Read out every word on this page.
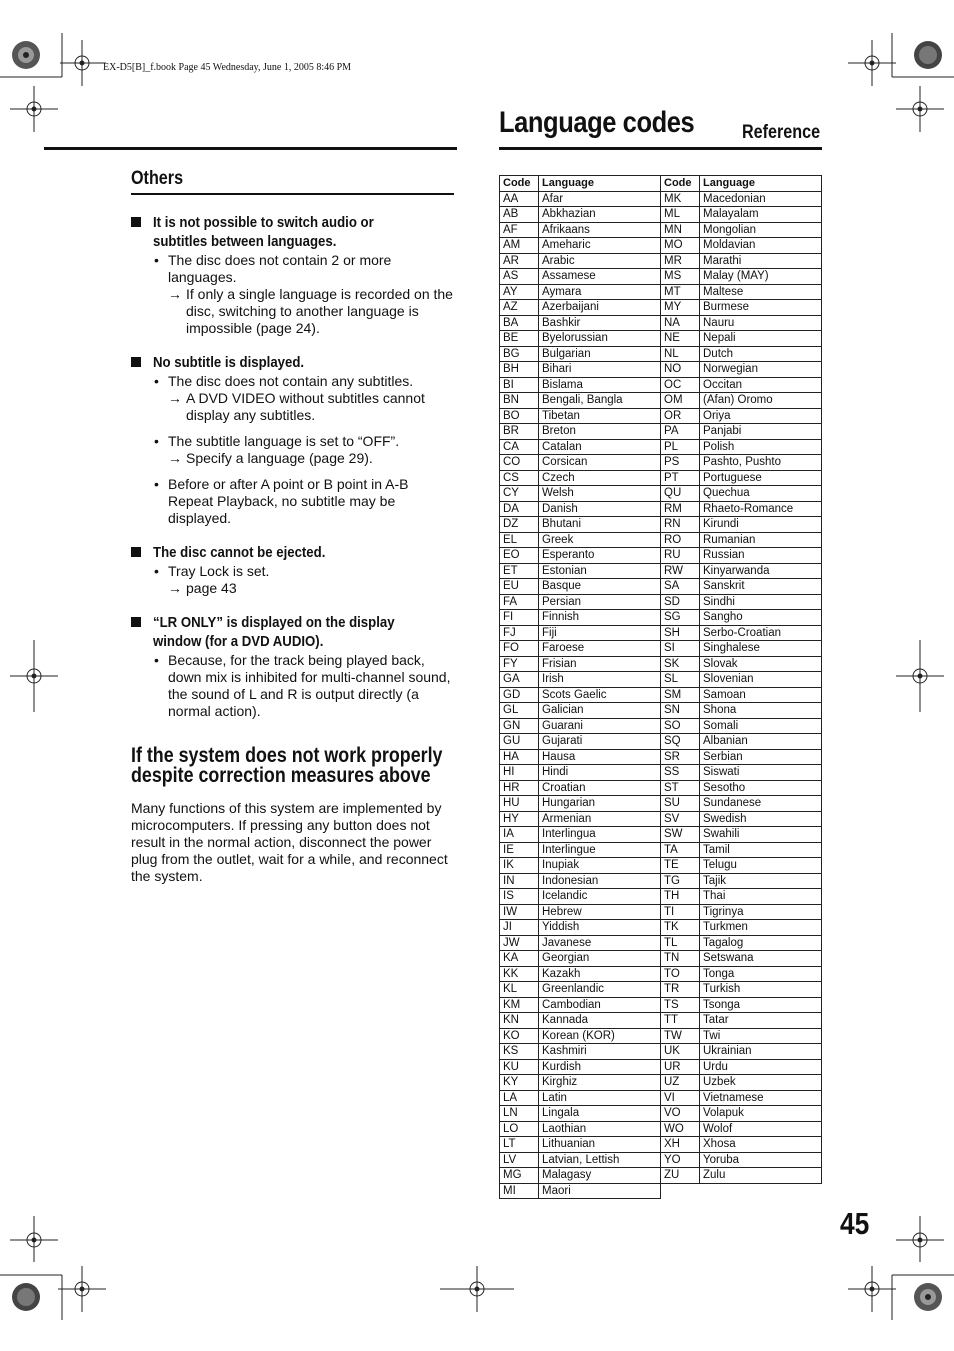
EX-D5[B]_f.book Page 45 Wednesday, June 1, 2005 8:46 PM
Language codes	Reference
Others
It is not possible to switch audio or subtitles between languages.
• The disc does not contain 2 or more languages.
→ If only a single language is recorded on the disc, switching to another language is impossible (page 24).
No subtitle is displayed.
• The disc does not contain any subtitles.
→ A DVD VIDEO without subtitles cannot display any subtitles.
• The subtitle language is set to “OFF”.
→ Specify a language (page 29).
• Before or after A point or B point in A-B Repeat Playback, no subtitle may be displayed.
The disc cannot be ejected.
• Tray Lock is set.
→ page 43
“LR ONLY” is displayed on the display window (for a DVD AUDIO).
• Because, for the track being played back, down mix is inhibited for multi-channel sound, the sound of L and R is output directly (a normal action).
If the system does not work properly despite correction measures above
Many functions of this system are implemented by microcomputers. If pressing any button does not result in the normal action, disconnect the power plug from the outlet, wait for a while, and reconnect the system.
Code	Language	Code	Language
AA	Afar	MK	Macedonian
AB	Abkhazian	ML	Malayalam
AF	Afrikaans	MN	Mongolian
AM	Ameharic	MO	Moldavian
AR	Arabic	MR	Marathi
AS	Assamese	MS	Malay (MAY)
AY	Aymara	MT	Maltese
AZ	Azerbaijani	MY	Burmese
BA	Bashkir	NA	Nauru
BE	Byelorussian	NE	Nepali
BG	Bulgarian	NL	Dutch
BH	Bihari	NO	Norwegian
BI	Bislama	OC	Occitan
BN	Bengali, Bangla	OM	(Afan) Oromo
BO	Tibetan	OR	Oriya
BR	Breton	PA	Panjabi
CA	Catalan	PL	Polish
CO	Corsican	PS	Pashto, Pushto
CS	Czech	PT	Portuguese
CY	Welsh	QU	Quechua
DA	Danish	RM	Rhaeto-Romance
DZ	Bhutani	RN	Kirundi
EL	Greek	RO	Rumanian
EO	Esperanto	RU	Russian
ET	Estonian	RW	Kinyarwanda
EU	Basque	SA	Sanskrit
FA	Persian	SD	Sindhi
FI	Finnish	SG	Sangho
FJ	Fiji	SH	Serbo-Croatian
FO	Faroese	SI	Singhalese
FY	Frisian	SK	Slovak
GA	Irish	SL	Slovenian
GD	Scots Gaelic	SM	Samoan
GL	Galician	SN	Shona
GN	Guarani	SO	Somali
GU	Gujarati	SQ	Albanian
HA	Hausa	SR	Serbian
HI	Hindi	SS	Siswati
HR	Croatian	ST	Sesotho
HU	Hungarian	SU	Sundanese
HY	Armenian	SV	Swedish
IA	Interlingua	SW	Swahili
IE	Interlingue	TA	Tamil
IK	Inupiak	TE	Telugu
IN	Indonesian	TG	Tajik
IS	Icelandic	TH	Thai
IW	Hebrew	TI	Tigrinya
JI	Yiddish	TK	Turkmen
JW	Javanese	TL	Tagalog
KA	Georgian	TN	Setswana
KK	Kazakh	TO	Tonga
KL	Greenlandic	TR	Turkish
KM	Cambodian	TS	Tsonga
KN	Kannada	TT	Tatar
KO	Korean (KOR)	TW	Twi
KS	Kashmiri	UK	Ukrainian
KU	Kurdish	UR	Urdu
KY	Kirghiz	UZ	Uzbek
LA	Latin	VI	Vietnamese
LN	Lingala	VO	Volapuk
LO	Laothian	WO	Wolof
LT	Lithuanian	XH	Xhosa
LV	Latvian, Lettish	YO	Yoruba
MG	Malagasy	ZU	Zulu
MI	Maori		
45
